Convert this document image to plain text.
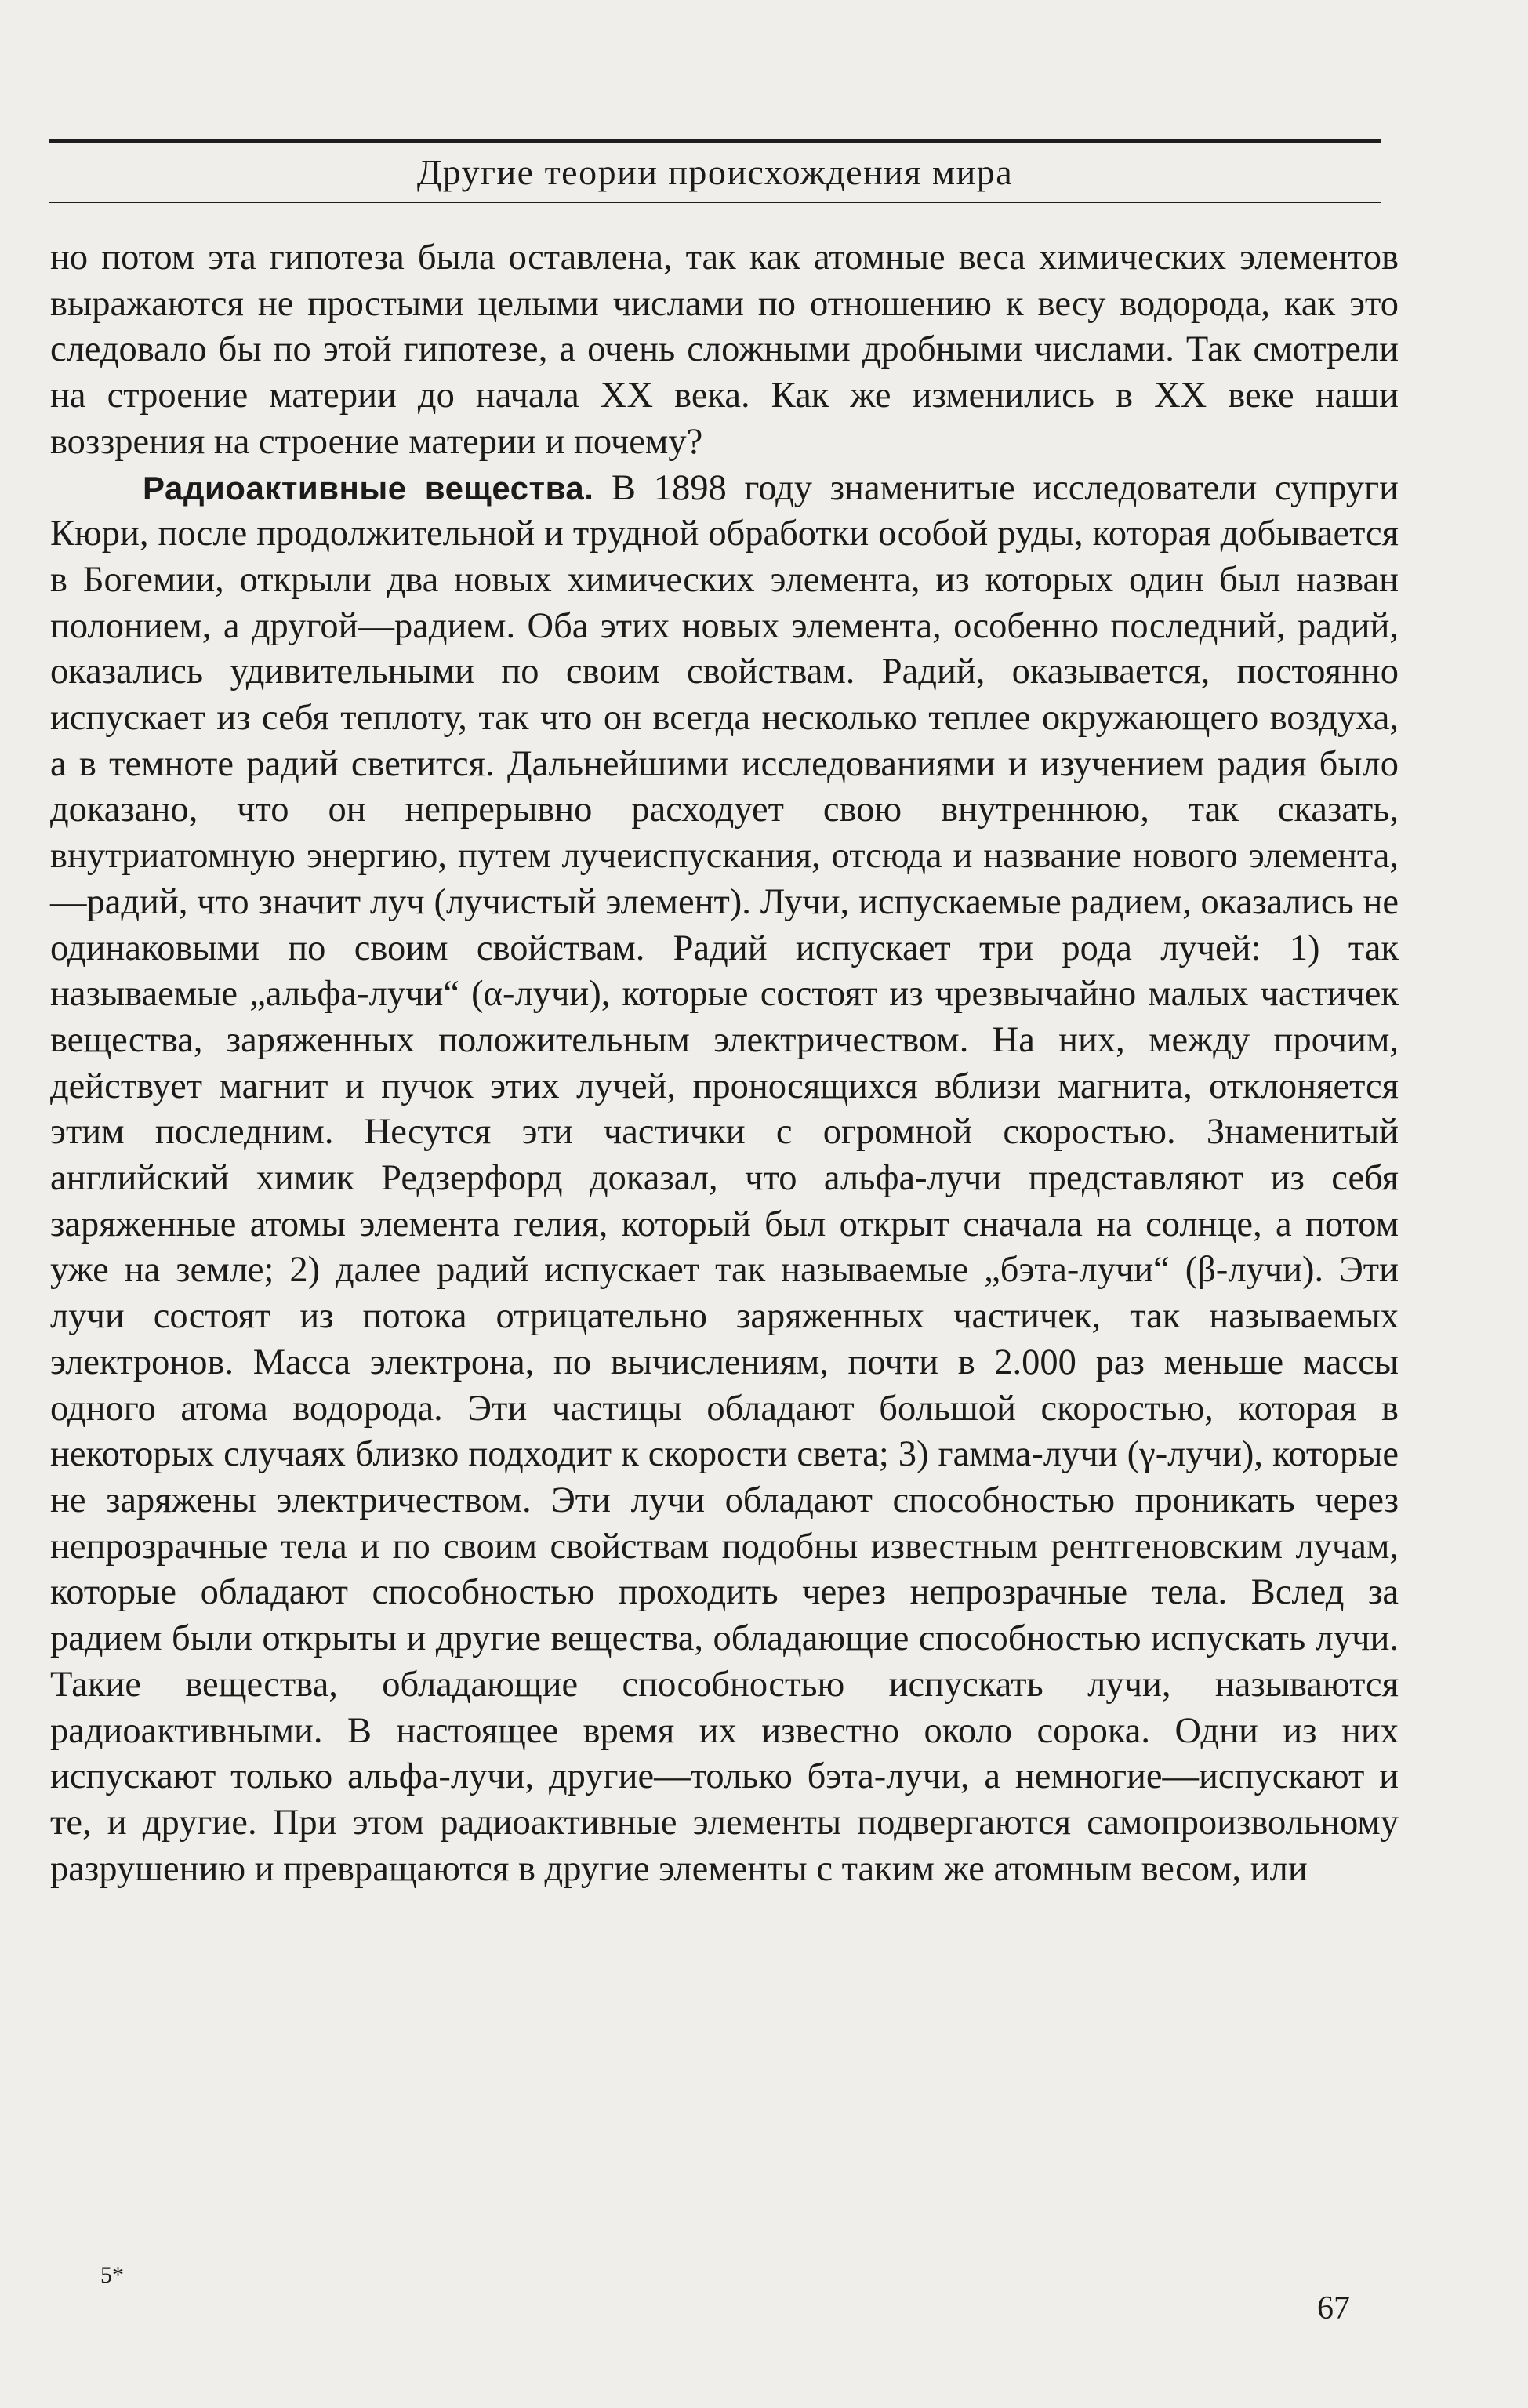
Другие теории происхождения мира

но потом эта гипотеза была оставлена, так как атомные веса химических элементов выражаются не простыми целыми числами по отношению к весу водорода, как это следовало бы по этой гипотезе, а очень сложными дробными числами. Так смотрели на строение материи до начала XX века. Как же изменились в XX веке наши воззрения на строение материи и почему?

Радиоактивные вещества. В 1898 году знаменитые исследователи супруги Кюри, после продолжительной и трудной обработки особой руды, которая добывается в Богемии, открыли два новых химических элемента, из которых один был назван полонием, а другой—радием. Оба этих новых элемента, особенно последний, радий, оказались удивительными по своим свойствам. Радий, оказывается, постоянно испускает из себя теплоту, так что он всегда несколько теплее окружающего воздуха, а в темноте радий светится. Дальнейшими исследованиями и изучением радия было доказано, что он непрерывно расходует свою внутреннюю, так сказать, внутриатомную энергию, путем лучеиспускания, отсюда и название нового элемента,—радий, что значит луч (лучистый элемент). Лучи, испускаемые радием, оказались не одинаковыми по своим свойствам. Радий испускает три рода лучей: 1) так называемые „альфа-лучи“ (α-лучи), которые состоят из чрезвычайно малых частичек вещества, заряженных положительным электричеством. На них, между прочим, действует магнит и пучок этих лучей, проносящихся вблизи магнита, отклоняется этим последним. Несутся эти частички с огромной скоростью. Знаменитый английский химик Редзерфорд доказал, что альфа-лучи представляют из себя заряженные атомы элемента гелия, который был открыт сначала на солнце, а потом уже на земле; 2) далее радий испускает так называемые „бэта-лучи“ (β-лучи). Эти лучи состоят из потока отрицательно заряженных частичек, так называемых электронов. Масса электрона, по вычислениям, почти в 2.000 раз меньше массы одного атома водорода. Эти частицы обладают большой скоростью, которая в некоторых случаях близко подходит к скорости света; 3) гамма-лучи (γ-лучи), которые не заряжены электричеством. Эти лучи обладают способностью проникать через непрозрачные тела и по своим свойствам подобны известным рентгеновским лучам, которые обладают способностью проходить через непрозрачные тела. Вслед за радием были открыты и другие вещества, обладающие способностью испускать лучи. Такие вещества, обладающие способностью испускать лучи, называются радиоактивными. В настоящее время их известно около сорока. Одни из них испускают только альфа-лучи, другие—только бэта-лучи, а немногие—испускают и те, и другие. При этом радиоактивные элементы подвергаются самопроизвольному разрушению и превращаются в другие элементы с таким же атомным весом, или

5*
67
